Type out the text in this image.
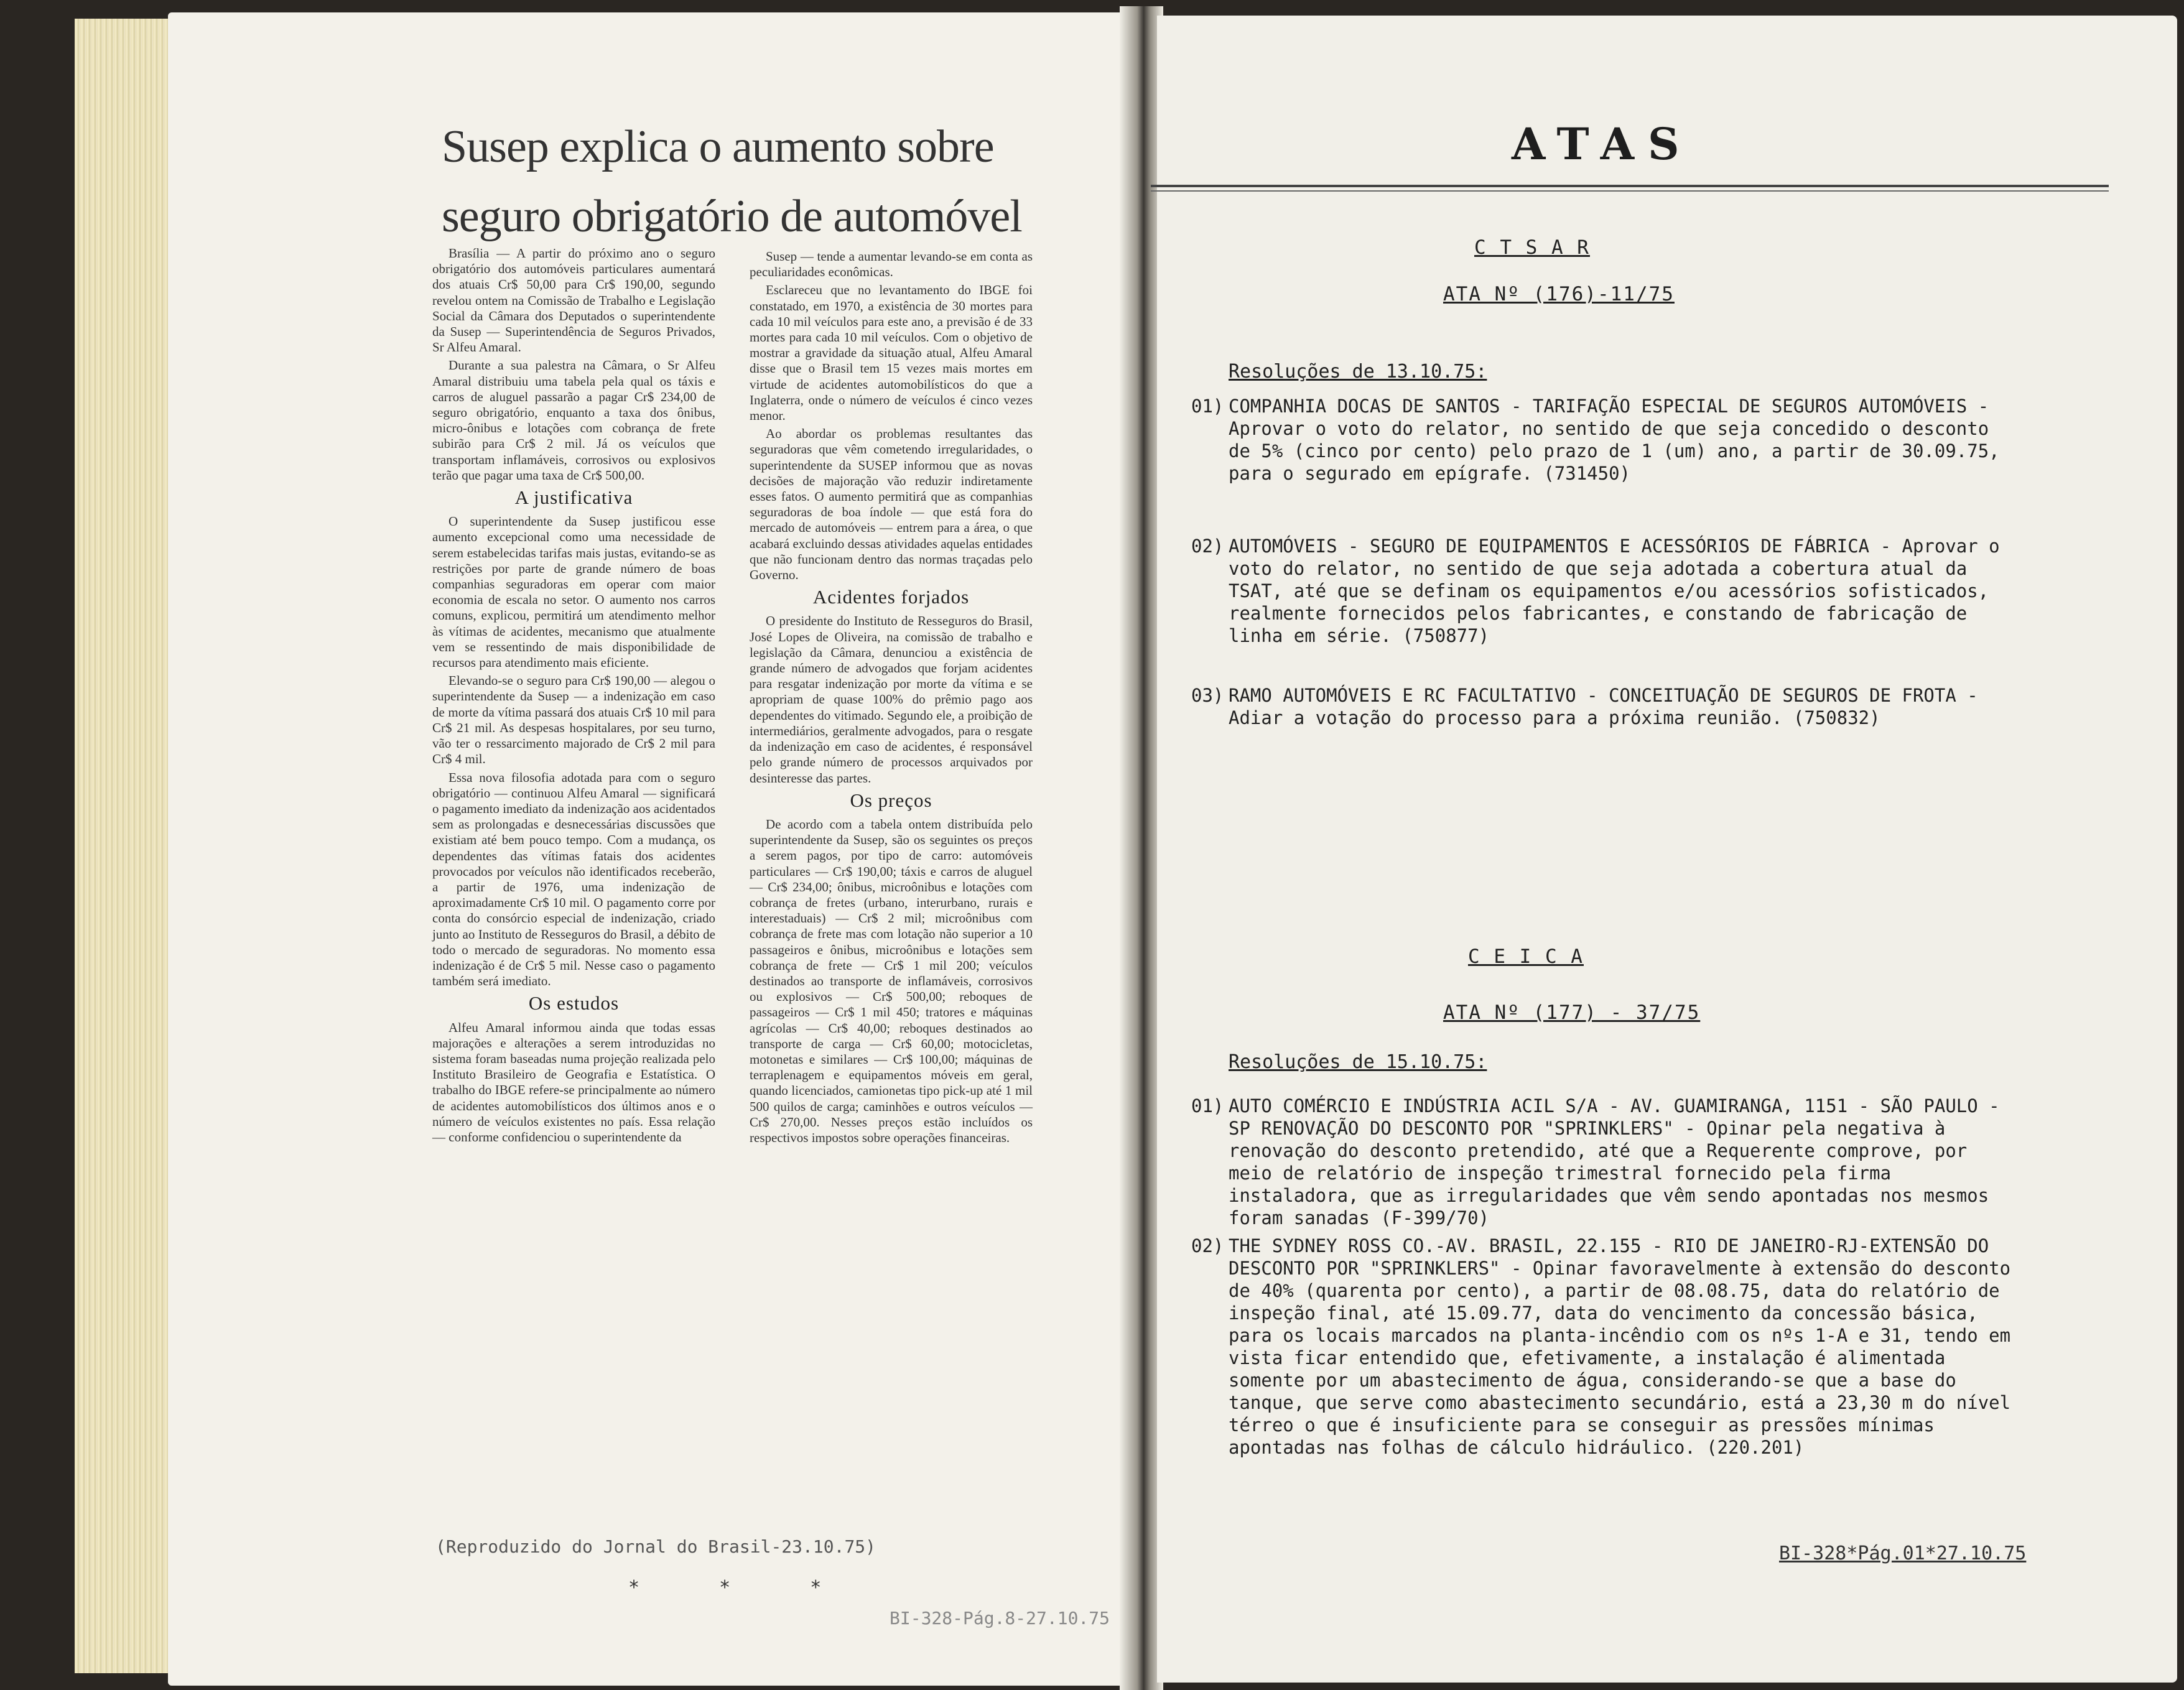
Susep explica o aumento sobre seguro obrigatório de automóvel

Brasília — A partir do próximo ano o seguro obrigatório dos automóveis particulares aumentará dos atuais Cr$ 50,00 para Cr$ 190,00, segundo revelou ontem na Comissão de Trabalho e Legislação Social da Câmara dos Deputados o superintendente da Susep — Superintendência de Seguros Privados, Sr Alfeu Amaral.

Durante a sua palestra na Câmara, o Sr Alfeu Amaral distribuiu uma tabela pela qual os táxis e carros de aluguel passarão a pagar Cr$ 234,00 de seguro obrigatório, enquanto a taxa dos ônibus, micro-ônibus e lotações com cobrança de frete subirão para Cr$ 2 mil. Já os veículos que transportam inflamáveis, corrosivos ou explosivos terão que pagar uma taxa de Cr$ 500,00.

A justificativa

O superintendente da Susep justificou esse aumento excepcional como uma necessidade de serem estabelecidas tarifas mais justas, evitando-se as restrições por parte de grande número de boas companhias seguradoras em operar com maior economia de escala no setor. O aumento nos carros comuns, explicou, permitirá um atendimento melhor às vítimas de acidentes, mecanismo que atualmente vem se ressentindo de mais disponibilidade de recursos para atendimento mais eficiente.

Elevando-se o seguro para Cr$ 190,00 — alegou o superintendente da Susep — a indenização em caso de morte da vítima passará dos atuais Cr$ 10 mil para Cr$ 21 mil. As despesas hospitalares, por seu turno, vão ter o ressarcimento majorado de Cr$ 2 mil para Cr$ 4 mil.

Essa nova filosofia adotada para com o seguro obrigatório — continuou Alfeu Amaral — significará o pagamento imediato da indenização aos acidentados sem as prolongadas e desnecessárias discussões que existiam até bem pouco tempo. Com a mudança, os dependentes das vítimas fatais dos acidentes provocados por veículos não identificados receberão, a partir de 1976, uma indenização de aproximadamente Cr$ 10 mil. O pagamento corre por conta do consórcio especial de indenização, criado junto ao Instituto de Resseguros do Brasil, a débito de todo o mercado de seguradoras. No momento essa indenização é de Cr$ 5 mil. Nesse caso o pagamento também será imediato.

Os estudos

Alfeu Amaral informou ainda que todas essas majorações e alterações a serem introduzidas no sistema foram baseadas numa projeção realizada pelo Instituto Brasileiro de Geografia e Estatística. O trabalho do IBGE refere-se principalmente ao número de acidentes automobilísticos dos últimos anos e o número de veículos existentes no país. Essa relação — conforme confidenciou o superintendente da

Susep — tende a aumentar levando-se em conta as peculiaridades econômicas.

Esclareceu que no levantamento do IBGE foi constatado, em 1970, a existência de 30 mortes para cada 10 mil veículos para este ano, a previsão é de 33 mortes para cada 10 mil veículos. Com o objetivo de mostrar a gravidade da situação atual, Alfeu Amaral disse que o Brasil tem 15 vezes mais mortes em virtude de acidentes automobilísticos do que a Inglaterra, onde o número de veículos é cinco vezes menor.

Ao abordar os problemas resultantes das seguradoras que vêm cometendo irregularidades, o superintendente da SUSEP informou que as novas decisões de majoração vão reduzir indiretamente esses fatos. O aumento permitirá que as companhias seguradoras de boa índole — que está fora do mercado de automóveis — entrem para a área, o que acabará excluindo dessas atividades aquelas entidades que não funcionam dentro das normas traçadas pelo Governo.

Acidentes forjados

O presidente do Instituto de Resseguros do Brasil, José Lopes de Oliveira, na comissão de trabalho e legislação da Câmara, denunciou a existência de grande número de advogados que forjam acidentes para resgatar indenização por morte da vítima e se apropriam de quase 100% do prêmio pago aos dependentes do vitimado. Segundo ele, a proibição de intermediários, geralmente advogados, para o resgate da indenização em caso de acidentes, é responsável pelo grande número de processos arquivados por desinteresse das partes.

Os preços

De acordo com a tabela ontem distribuída pelo superintendente da Susep, são os seguintes os preços a serem pagos, por tipo de carro: automóveis particulares — Cr$ 190,00; táxis e carros de aluguel — Cr$ 234,00; ônibus, microônibus e lotações com cobrança de fretes (urbano, interurbano, rurais e interestaduais) — Cr$ 2 mil; microônibus com cobrança de frete mas com lotação não superior a 10 passageiros e ônibus, microônibus e lotações sem cobrança de frete — Cr$ 1 mil 200; veículos destinados ao transporte de inflamáveis, corrosivos ou explosivos — Cr$ 500,00; reboques de passageiros — Cr$ 1 mil 450; tratores e máquinas agrícolas — Cr$ 40,00; reboques destinados ao transporte de carga — Cr$ 60,00; motocicletas, motonetas e similares — Cr$ 100,00; máquinas de terraplenagem e equipamentos móveis em geral, quando licenciados, camionetas tipo pick-up até 1 mil 500 quilos de carga; caminhões e outros veículos — Cr$ 270,00. Nesses preços estão incluídos os respectivos impostos sobre operações financeiras.

(Reproduzido do Jornal do Brasil-23.10.75)
* * *
BI-328-Pág.8-27.10.75
ATAS
C T S A R
ATA Nº (176)-11/75
Resoluções de 13.10.75:
01) COMPANHIA DOCAS DE SANTOS - TARIFAÇÃO ESPECIAL DE SEGUROS AUTOMÓVEIS - Aprovar o voto do relator, no sentido de que seja concedido o desconto de 5% (cinco por cento) pelo prazo de 1 (um) ano, a partir de 30.09.75, para o segurado em epígrafe. (731450)
02) AUTOMÓVEIS - SEGURO DE EQUIPAMENTOS E ACESSÓRIOS DE FÁBRICA - Aprovar o voto do relator, no sentido de que seja adotada a cobertura atual da TSAT, até que se definam os equipamentos e/ou acessórios sofisticados, realmente fornecidos pelos fabricantes, e constando de fabricação de linha em série. (750877)
03) RAMO AUTOMÓVEIS E RC FACULTATIVO - CONCEITUAÇÃO DE SEGUROS DE FROTA - Adiar a votação do processo para a próxima reunião. (750832)
C E I C A
ATA Nº (177) - 37/75
Resoluções de 15.10.75:
01) AUTO COMÉRCIO E INDÚSTRIA ACIL S/A - AV. GUAMIRANGA, 1151 - SÃO PAULO -SP RENOVAÇÃO DO DESCONTO POR "SPRINKLERS" - Opinar pela negativa à renovação do desconto pretendido, até que a Requerente comprove, por meio de relatório de inspeção trimestral fornecido pela firma instaladora, que as irregularidades que vêm sendo apontadas nos mesmos foram sanadas (F-399/70)
02) THE SYDNEY ROSS CO.-AV. BRASIL, 22.155 - RIO DE JANEIRO-RJ-EXTENSÃO DO DESCONTO POR "SPRINKLERS" - Opinar favoravelmente à extensão do desconto de 40% (quarenta por cento), a partir de 08.08.75, data do relatório de inspeção final, até 15.09.77, data do vencimento da concessão básica, para os locais marcados na planta-incêndio com os nºs 1-A e 31, tendo em vista ficar entendido que, efetivamente, a instalação é alimentada somente por um abastecimento de água, considerando-se que a base do tanque, que serve como abastecimento secundário, está a 23,30 m do nível térreo o que é insuficiente para se conseguir as pressões mínimas apontadas nas folhas de cálculo hidráulico. (220.201)
BI-328*Pág.01*27.10.75
